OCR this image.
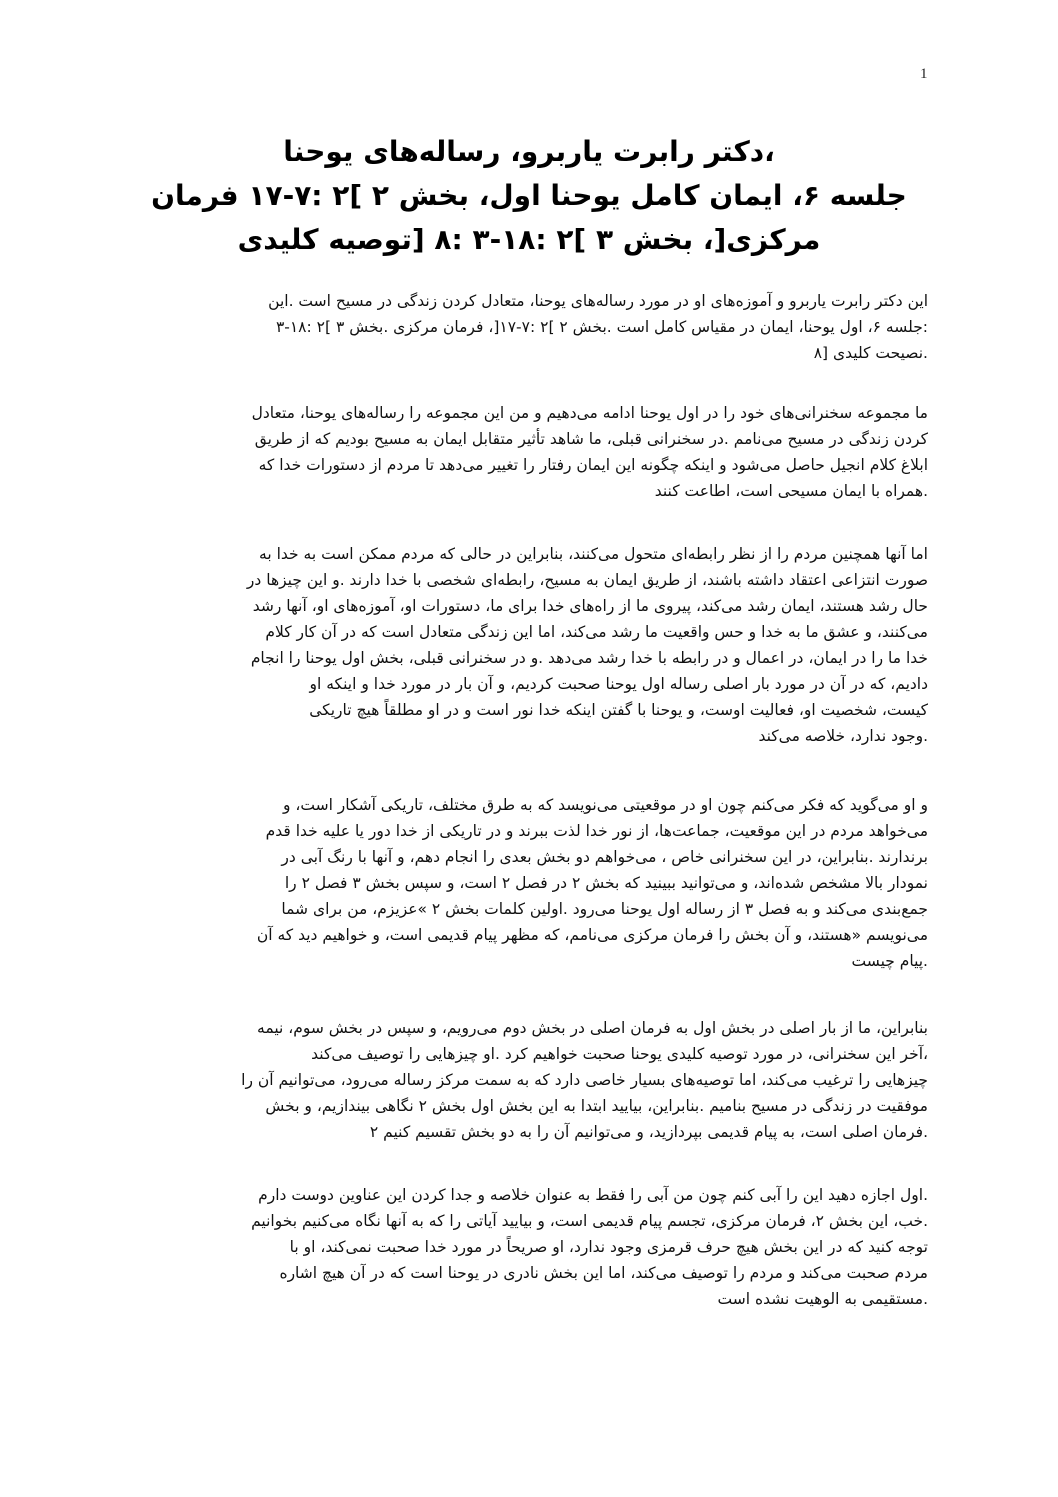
1
،دکتر رابرت یاربرو، رساله‌های یوحنا
جلسه ۶، ایمان کامل یوحنا اول، بخش ۲ ]۲ :۷-۱۷ فرمان
مرکزی[، بخش ۳ ]۲ :۱۸-۳ :۸ [توصیه کلیدی
این دکتر رابرت یاربرو و آموزه‌های او در مورد رساله‌های یوحنا، متعادل کردن زندگی در مسیح است .این
:جلسه ۶، اول یوحنا، ایمان در مقیاس کامل است .بخش ۲ ]۲ :۷-۱۷[، فرمان مرکزی .بخش ۳ ]۲ :۱۸-۳
.نصیحت کلیدی [۸
ما مجموعه سخنرانی‌های خود را در اول یوحنا ادامه می‌دهیم و من این مجموعه را رساله‌های یوحنا، متعادل
کردن زندگی در مسیح می‌نامم .در سخنرانی قبلی، ما شاهد تأثیر متقابل ایمان به مسیح بودیم که از طریق
ابلاغ کلام انجیل حاصل می‌شود و اینکه چگونه این ایمان رفتار را تغییر می‌دهد تا مردم از دستورات خدا که
.همراه با ایمان مسیحی است، اطاعت کنند
اما آنها همچنین مردم را از نظر رابطه‌ای متحول می‌کنند، بنابراین در حالی که مردم ممکن است به خدا به
صورت انتزاعی اعتقاد داشته باشند، از طریق ایمان به مسیح، رابطه‌ای شخصی با خدا دارند .و این چیزها در
حال رشد هستند، ایمان رشد می‌کند، پیروی ما از راه‌های خدا برای ما، دستورات او، آموزه‌های او، آنها رشد
می‌کنند، و عشق ما به خدا و حس واقعیت ما رشد می‌کند، اما این زندگی متعادل است که در آن کار کلام
خدا ما را در ایمان، در اعمال و در رابطه با خدا رشد می‌دهد .و در سخنرانی قبلی، بخش اول یوحنا را انجام
دادیم، که در آن در مورد بار اصلی رساله اول یوحنا صحبت کردیم، و آن بار در مورد خدا و اینکه او
کیست، شخصیت او، فعالیت اوست، و یوحنا با گفتن اینکه خدا نور است و در او مطلقاً هیچ تاریکی
.وجود ندارد، خلاصه می‌کند
و او می‌گوید که فکر می‌کنم چون او در موقعیتی می‌نویسد که به طرق مختلف، تاریکی آشکار است، و
می‌خواهد مردم در این موقعیت، جماعت‌ها، از نور خدا لذت ببرند و در تاریکی از خدا دور یا علیه خدا قدم
برندارند .بنابراین، در این سخنرانی خاص ، می‌خواهم دو بخش بعدی را انجام دهم، و آنها با رنگ آبی در
نمودار بالا مشخص شده‌اند، و می‌توانید ببینید که بخش ۲ در فصل ۲ است، و سپس بخش ۳ فصل ۲ را
جمع‌بندی می‌کند و به فصل ۳ از رساله اول یوحنا می‌رود .اولین کلمات بخش ۲ »عزیزم، من برای شما
می‌نویسم «هستند، و آن بخش را فرمان مرکزی می‌نامم، که مظهر پیام قدیمی است، و خواهیم دید که آن
.پیام چیست
بنابراین، ما از بار اصلی در بخش اول به فرمان اصلی در بخش دوم می‌رویم، و سپس در بخش سوم، نیمه
،آخر این سخنرانی، در مورد توصیه کلیدی یوحنا صحبت خواهیم کرد .او چیزهایی را توصیف می‌کند
چیزهایی را ترغیب می‌کند، اما توصیه‌های بسیار خاصی دارد که به سمت مرکز رساله می‌رود، می‌توانیم آن را
موفقیت در زندگی در مسیح بنامیم .بنابراین، بیایید ابتدا به این بخش اول بخش ۲ نگاهی بیندازیم، و بخش
.فرمان اصلی است، به پیام قدیمی بپردازید، و می‌توانیم آن را به دو بخش تقسیم کنیم ۲
.اول اجازه دهید این را آبی کنم چون من آبی را فقط به عنوان خلاصه و جدا کردن این عناوین دوست دارم
.خب، این بخش ۲، فرمان مرکزی، تجسم پیام قدیمی است، و بیایید آیاتی را که به آنها نگاه می‌کنیم بخوانیم
توجه کنید که در این بخش هیچ حرف قرمزی وجود ندارد، او صریحاً در مورد خدا صحبت نمی‌کند، او با
مردم صحبت می‌کند و مردم را توصیف می‌کند، اما این بخش نادری در یوحنا است که در آن هیچ اشاره
.مستقیمی به الوهیت نشده است
